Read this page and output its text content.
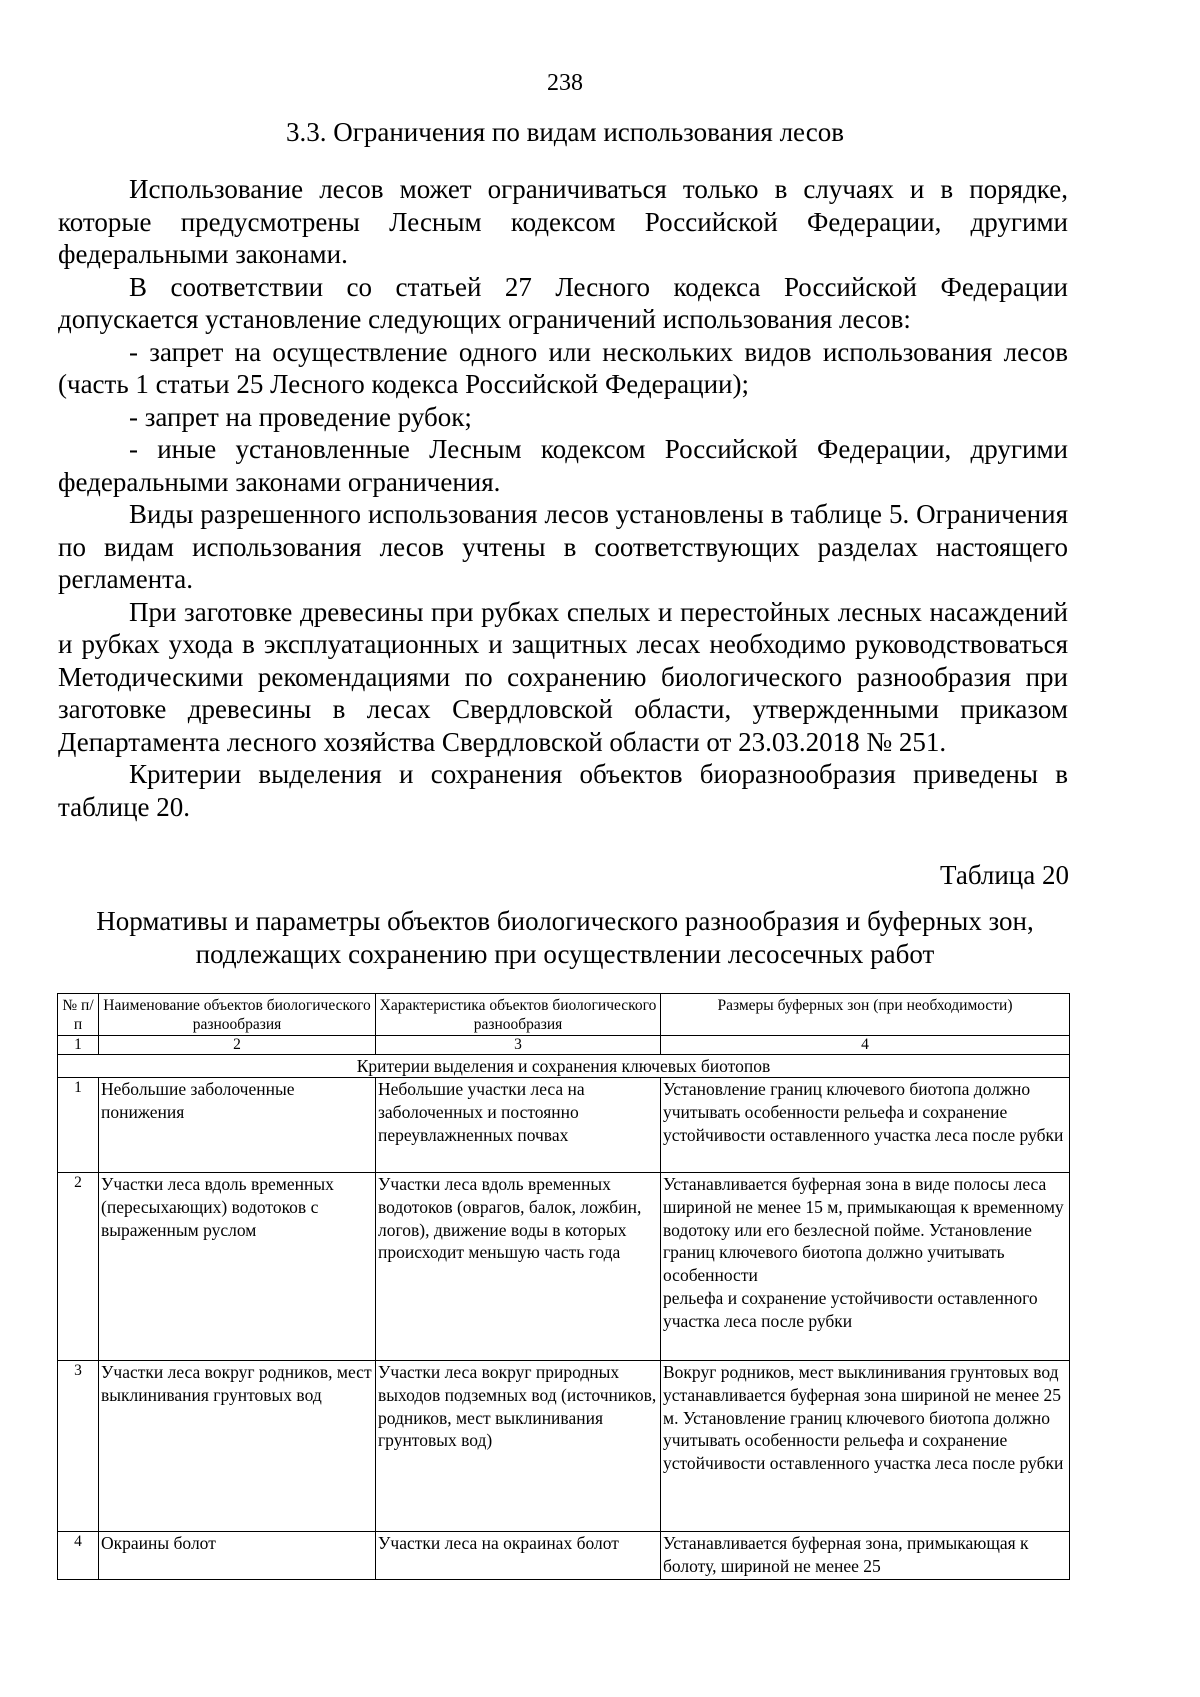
238
3.3. Ограничения по видам использования лесов

Использование лесов может ограничиваться только в случаях и в порядке, которые предусмотрены Лесным кодексом Российской Федерации, другими федеральными законами.

В соответствии со статьей 27 Лесного кодекса Российской Федерации допускается установление следующих ограничений использования лесов:

- запрет на осуществление одного или нескольких видов использования лесов (часть 1 статьи 25 Лесного кодекса Российской Федерации);

- запрет на проведение рубок;

- иные установленные Лесным кодексом Российской Федерации, другими федеральными законами ограничения.

Виды разрешенного использования лесов установлены в таблице 5. Ограничения по видам использования лесов учтены в соответствующих разделах настоящего регламента.

При заготовке древесины при рубках спелых и перестойных лесных насаждений и рубках ухода в эксплуатационных и защитных лесах необходимо руководствоваться Методическими рекомендациями по сохранению биологического разнообразия при заготовке древесины в лесах Свердловской области, утвержденными приказом Департамента лесного хозяйства Свердловской области от 23.03.2018 № 251.

Критерии выделения и сохранения объектов биоразнообразия приведены в таблице 20.

Таблица 20
Нормативы и параметры объектов биологического разнообразия и буферных зон, подлежащих сохранению при осуществлении лесосечных работ
№ п/п	Наименование объектов биологического разнообразия	Характеристика объектов биологического разнообразия	Размеры буферных зон (при необходимости)
1	2	3	4
Критерии выделения и сохранения ключевых биотопов			
1	Небольшие заболоченные понижения	Небольшие участки леса на заболоченных и постоянно переувлажненных почвах	Установление границ ключевого биотопа должно учитывать особенности рельефа и сохранение устойчивости оставленного участка леса после рубки

2	Участки леса вдоль временных (пересыхающих) водотоков с выраженным руслом	Участки леса вдоль временных водотоков (оврагов, балок, ложбин, логов), движение воды в которых происходит меньшую часть года	Устанавливается буферная зона в виде полосы леса шириной не менее 15 м, примыкающая к временному водотоку или его безлесной пойме. Установление границ ключевого биотопа должно учитывать особенности
рельефа и сохранение устойчивости оставленного участка леса после рубки

3	Участки леса вокруг родников, мест выклинивания грунтовых вод	Участки леса вокруг природных выходов подземных вод (источников, родников, мест выклинивания грунтовых вод)	Вокруг родников, мест выклинивания грунтовых вод устанавливается буферная зона шириной не менее 25 м. Установление границ ключевого биотопа должно учитывать особенности рельефа и сохранение устойчивости оставленного участка леса после рубки

4	Окраины болот	Участки леса на окраинах болот	Устанавливается буферная зона, примыкающая к болоту, шириной не менее 25
